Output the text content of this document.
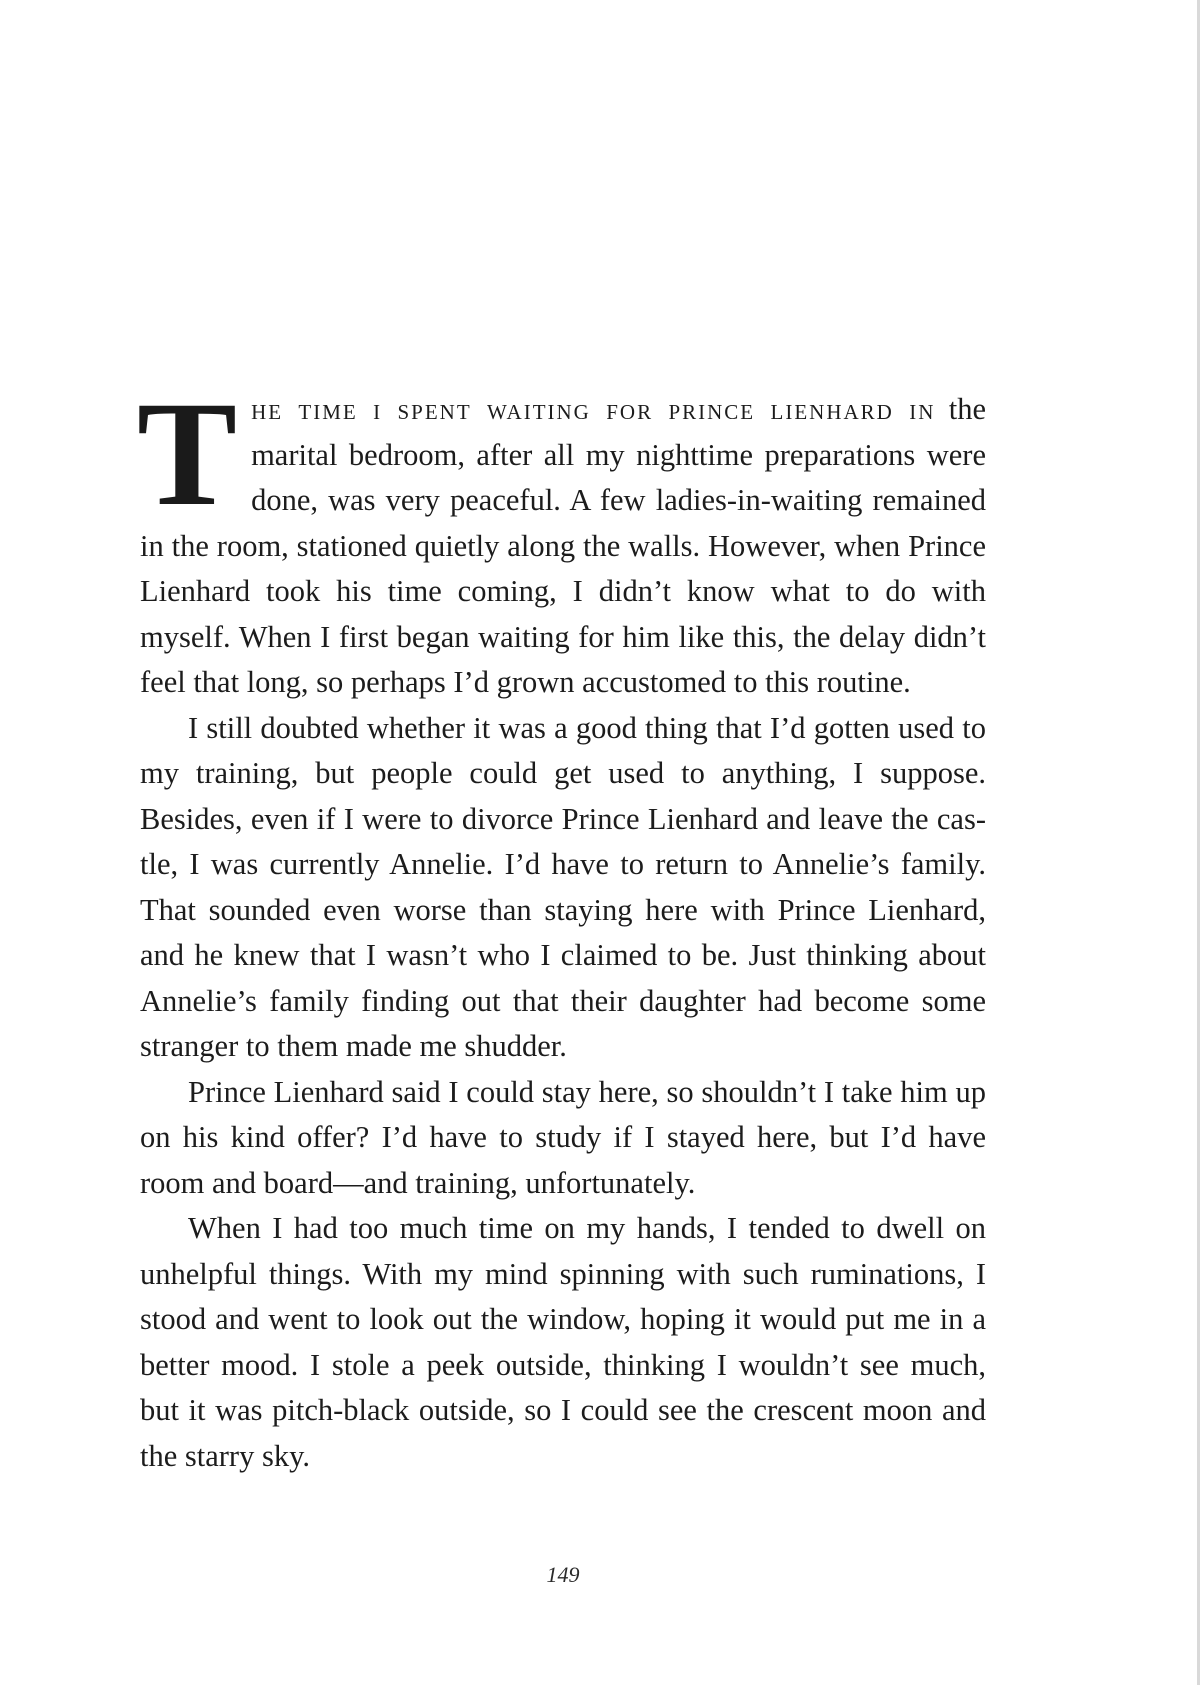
T he time i spent waiting for prince lienhard in the marital bedroom, after all my nighttime preparations were done, was very peaceful. A few ladies-in-waiting remained in the room, stationed quietly along the walls. However, when Prince Lienhard took his time coming, I didn’t know what to do with myself. When I first began waiting for him like this, the delay didn’t feel that long, so perhaps I’d grown accustomed to this routine.

I still doubted whether it was a good thing that I’d gotten used to my training, but people could get used to anything, I suppose. Besides, even if I were to divorce Prince Lienhard and leave the cas-tle, I was currently Annelie. I’d have to return to Annelie’s family. That sounded even worse than staying here with Prince Lienhard, and he knew that I wasn’t who I claimed to be. Just thinking about Annelie’s family finding out that their daughter had become some stranger to them made me shudder.

Prince Lienhard said I could stay here, so shouldn’t I take him up on his kind offer? I’d have to study if I stayed here, but I’d have room and board—and training, unfortunately.

When I had too much time on my hands, I tended to dwell on unhelpful things. With my mind spinning with such ruminations, I stood and went to look out the window, hoping it would put me in a better mood. I stole a peek outside, thinking I wouldn’t see much, but it was pitch-black outside, so I could see the crescent moon and the starry sky.

149
